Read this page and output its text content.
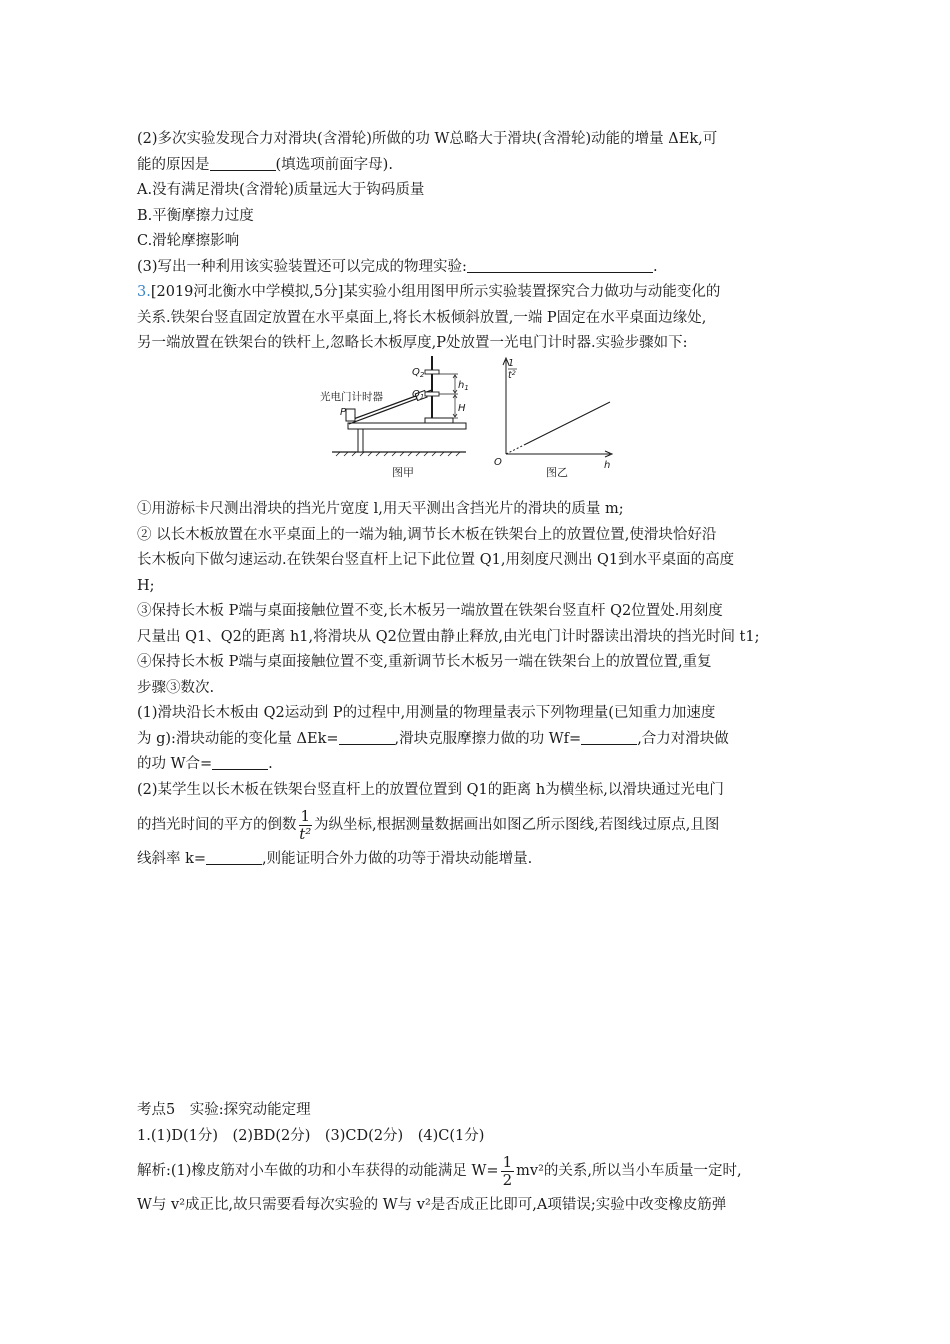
(2)多次实验发现合力对滑块(含滑轮)所做的功 W总略大于滑块(含滑轮)动能的增量 ΔEk,可
能的原因是	(填选项前面字母).
A.没有满足滑块(含滑轮)质量远大于钩码质量
B.平衡摩擦力过度
C.滑轮摩擦影响
(3)写出一种利用该实验装置还可以完成的物理实验:	.
3.[2019河北衡水中学模拟,5分]某实验小组用图甲所示实验装置探究合力做功与动能变化的
关系.铁架台竖直固定放置在水平桌面上,将长木板倾斜放置,一端 P固定在水平桌面边缘处,
另一端放置在铁架台的铁杆上,忽略长木板厚度,P处放置一光电门计时器.实验步骤如下:
光电门计时器
P
$Q_2$
$Q_1$
$h_1$
H
图甲
1
$t^2$
O	h
图乙
①用游标卡尺测出滑块的挡光片宽度 l,用天平测出含挡光片的滑块的质量 m;
② 以长木板放置在水平桌面上的一端为轴,调节长木板在铁架台上的放置位置,使滑块恰好沿
长木板向下做匀速运动.在铁架台竖直杆上记下此位置 Q1,用刻度尺测出 Q1到水平桌面的高度
H;
③保持长木板 P端与桌面接触位置不变,长木板另一端放置在铁架台竖直杆 Q2位置处.用刻度
尺量出 Q1、Q2的距离 h1,将滑块从 Q2位置由静止释放,由光电门计时器读出滑块的挡光时间 t1;
④保持长木板 P端与桌面接触位置不变,重新调节长木板另一端在铁架台上的放置位置,重复
步骤③数次.
(1)滑块沿长木板由 Q2运动到 P的过程中,用测量的物理量表示下列物理量(已知重力加速度
为 g):滑块动能的变化量 ΔEk=	,滑块克服摩擦力做的功 Wf=	,合力对滑块做
的功 W合=	.
(2)某学生以长木板在铁架台竖直杆上的放置位置到 Q1的距离 h为横坐标,以滑块通过光电门
的挡光时间的平方的倒数 $\frac{1}{\text{t²}}$ 为纵坐标,根据测量数据画出如图乙所示图线,若图线过原点,且图
线斜率 k=	,则能证明合外力做的功等于滑块动能增量.
考点5　实验:探究动能定理
1.(1)D(1分)　(2)BD(2分)　(3)CD(2分)　(4)C(1分)
解析:(1)橡皮筋对小车做的功和小车获得的动能满足 $W= \frac{1}{2} mv^2$的关系,所以当小车质量一定时,
W与 v²成正比,故只需要看每次实验的 W与 v²是否成正比即可,A项错误;实验中改变橡皮筋弹
